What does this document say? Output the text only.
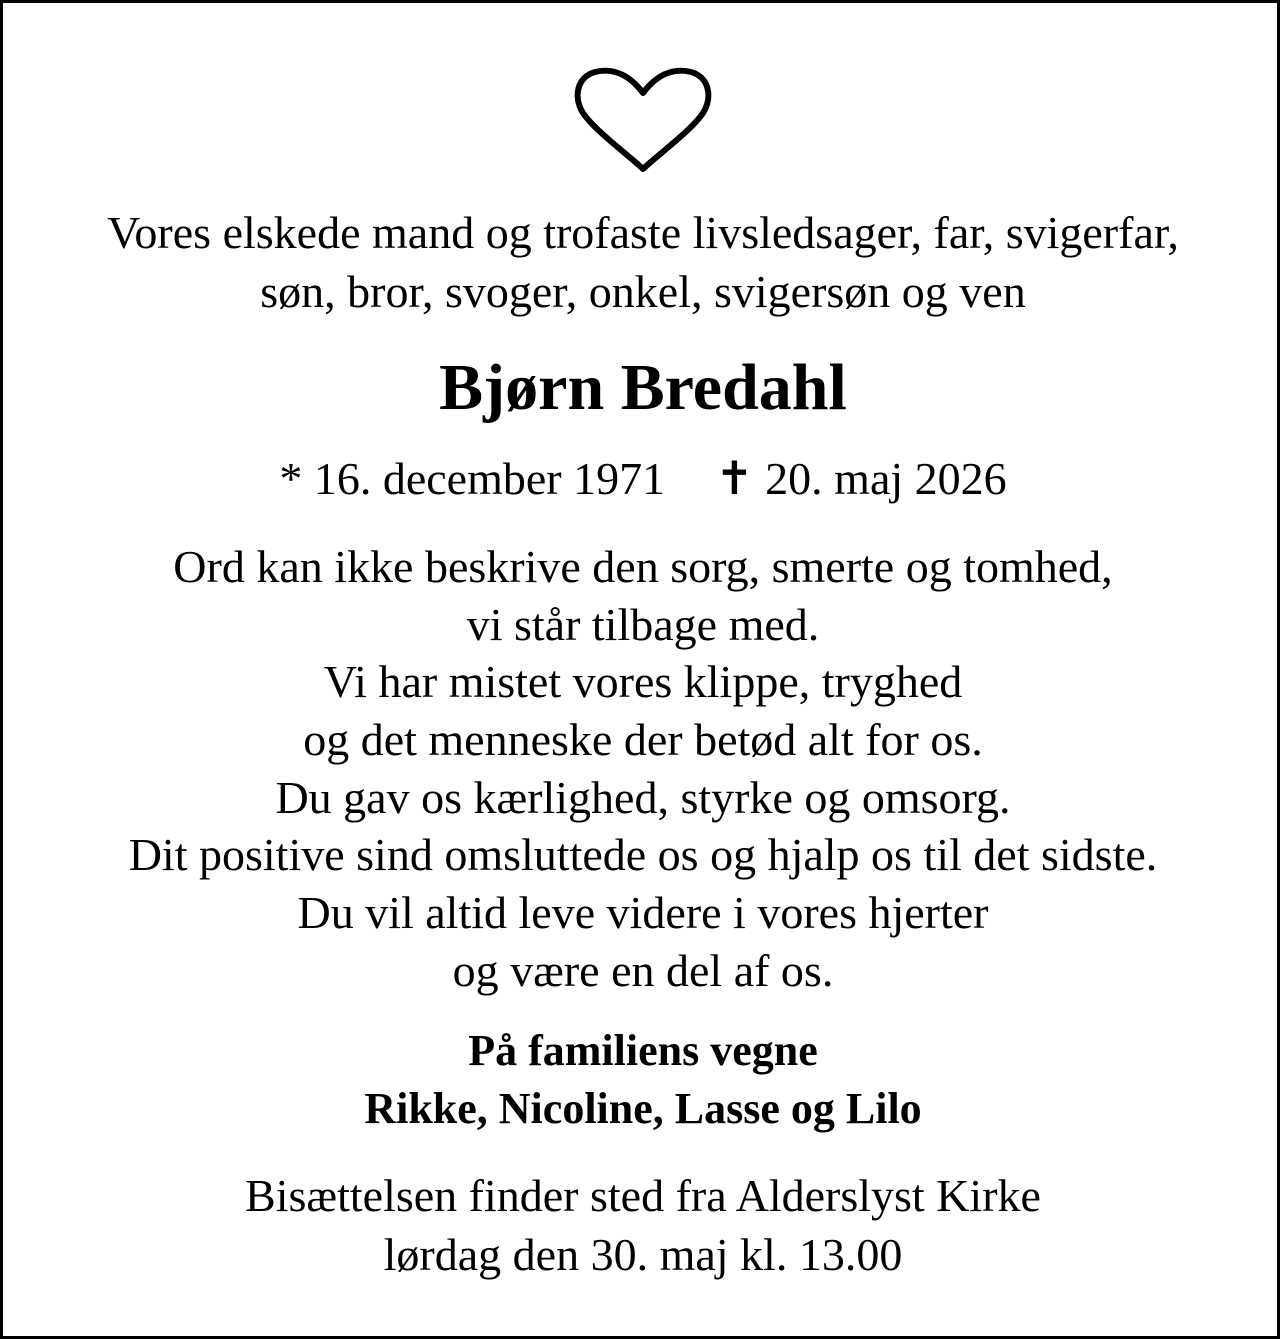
Vores elskede mand og trofaste livsledsager, far, svigerfar,
søn, bror, svoger, onkel, svigersøn og ven
Bjørn Bredahl
* 16. december 1971 ✝ 20. maj 2026
Ord kan ikke beskrive den sorg, smerte og tomhed,
vi står tilbage med.
Vi har mistet vores klippe, tryghed
og det menneske der betød alt for os.
Du gav os kærlighed, styrke og omsorg.
Dit positive sind omsluttede os og hjalp os til det sidste.
Du vil altid leve videre i vores hjerter
og være en del af os.
På familiens vegne
Rikke, Nicoline, Lasse og Lilo
Bisættelsen finder sted fra Alderslyst Kirke
lørdag den 30. maj kl. 13.00
